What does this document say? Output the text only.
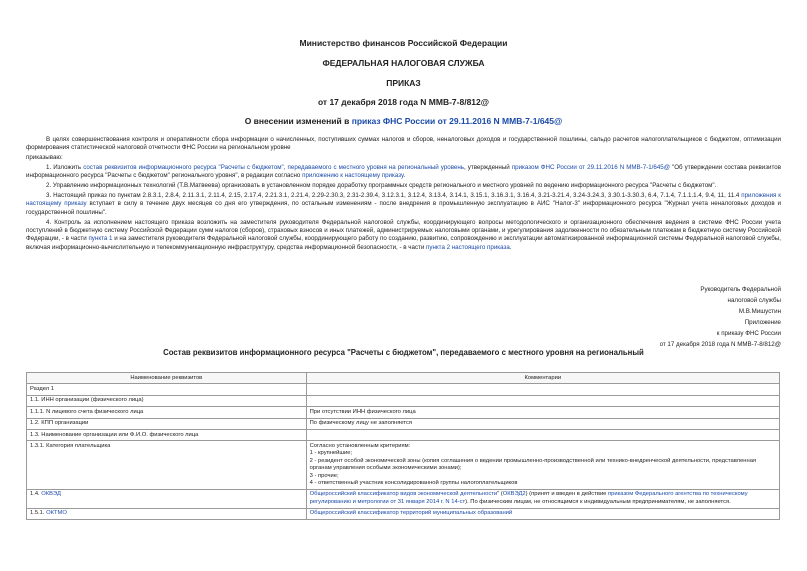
Министерство финансов Российской Федерации
ФЕДЕРАЛЬНАЯ НАЛОГОВАЯ СЛУЖБА
ПРИКАЗ
от 17 декабря 2018 года N ММВ-7-8/812@
О внесении изменений в приказ ФНС России от 29.11.2016 N ММВ-7-1/645@

В целях совершенствования контроля и оперативности сбора информации о начисленных, поступивших суммах налогов и сборов, неналоговых доходов и государственной пошлины, сальдо расчетов налогоплательщиков с бюджетом, оптимизации формирования статистической налоговой отчетности ФНС России на региональном уровне

приказываю:

1. Изложить состав реквизитов информационного ресурса "Расчеты с бюджетом", передаваемого с местного уровня на региональный уровень, утвержденный приказом ФНС России от 29.11.2016 N ММВ-7-1/645@ "Об утверждении состава реквизитов информационного ресурса "Расчеты с бюджетом" регионального уровня", в редакции согласно приложению к настоящему приказу.

2. Управлению информационных технологий (Т.В.Матвеева) организовать в установленном порядке доработку программных средств регионального и местного уровней по ведению информационного ресурса "Расчеты с бюджетом".

3. Настоящий приказ по пунктам 2.8.3.1, 2.8.4, 2.11.3.1, 2.11.4, 2.15, 2.17.4, 2.21.3.1, 2.21.4, 2.29-2.30.3, 2.31-2.39.4, 3.12.3.1, 3.12.4, 3.13.4, 3.14.1, 3.15.1, 3.16.3.1, 3.16.4, 3.21-3.21.4, 3.24-3.24.3, 3.30.1-3.30.3, 6.4, 7.1.4, 7.1.1.1.4, 9.4, 11, 11.4 приложения к настоящему приказу вступает в силу в течение двух месяцев со дня его утверждения, по остальным изменениям - после внедрения в промышленную эксплуатацию в АИС "Налог-3" информационного ресурса "Журнал учета неналоговых доходов и государственной пошлины".

4. Контроль за исполнением настоящего приказа возложить на заместителя руководителя Федеральной налоговой службы, координирующего вопросы методологического и организационного обеспечения ведения в системе ФНС России учета поступлений в бюджетную систему Российской Федерации сумм налогов (сборов), страховых взносов и иных платежей, администрируемых налоговыми органами, и урегулирования задолженности по обязательным платежам в бюджетную систему Российской Федерации, - в части пункта 1 и на заместителя руководителя Федеральной налоговой службы, координирующего работу по созданию, развитию, сопровождению и эксплуатации автоматизированной информационной системы Федеральной налоговой службы, включая информационно-вычислительную и телекоммуникационную инфраструктуру, средства информационной безопасности, - в части пункта 2 настоящего приказа.

Руководитель Федеральной
налоговой службы
М.В.Мишустин
Приложение
к приказу ФНС России
от 17 декабря 2018 года N ММВ-7-8/812@
Состав реквизитов информационного ресурса "Расчеты с бюджетом", передаваемого с местного уровня на региональный
Наименование реквизитов	Комментарии
Раздел 1	
1.1. ИНН организации (физического лица)	
1.1.1. N лицевого счета физического лица	При отсутствии ИНН физического лица
1.2. КПП организации	По физическому лицу не заполняется
1.3. Наименование организации или Ф.И.О. физического лица	
1.3.1. Категория плательщика	Согласно установленным критериям:
1 - крупнейшие;
2 - резидент особой экономической зоны (копия соглашения о ведении промышленно-производственной или технико-внедренческой деятельности, представленная органам управления особыми экономическими зонами);
3 - прочие;
4 - ответственный участник консолидированной группы налогоплательщиков

1.4. ОКВЭД	Общероссийский классификатор видов экономической деятельности" (ОКВЭД2) (принят и введен в действие приказом Федерального агентства по техническому регулированию и метрологии от 31 января 2014 г. N 14-ст). По физическим лицам, не относящимся к индивидуальным предпринимателям, не заполняется.
1.5.1. ОКТМО	Общероссийский классификатор территорий муниципальных образований
